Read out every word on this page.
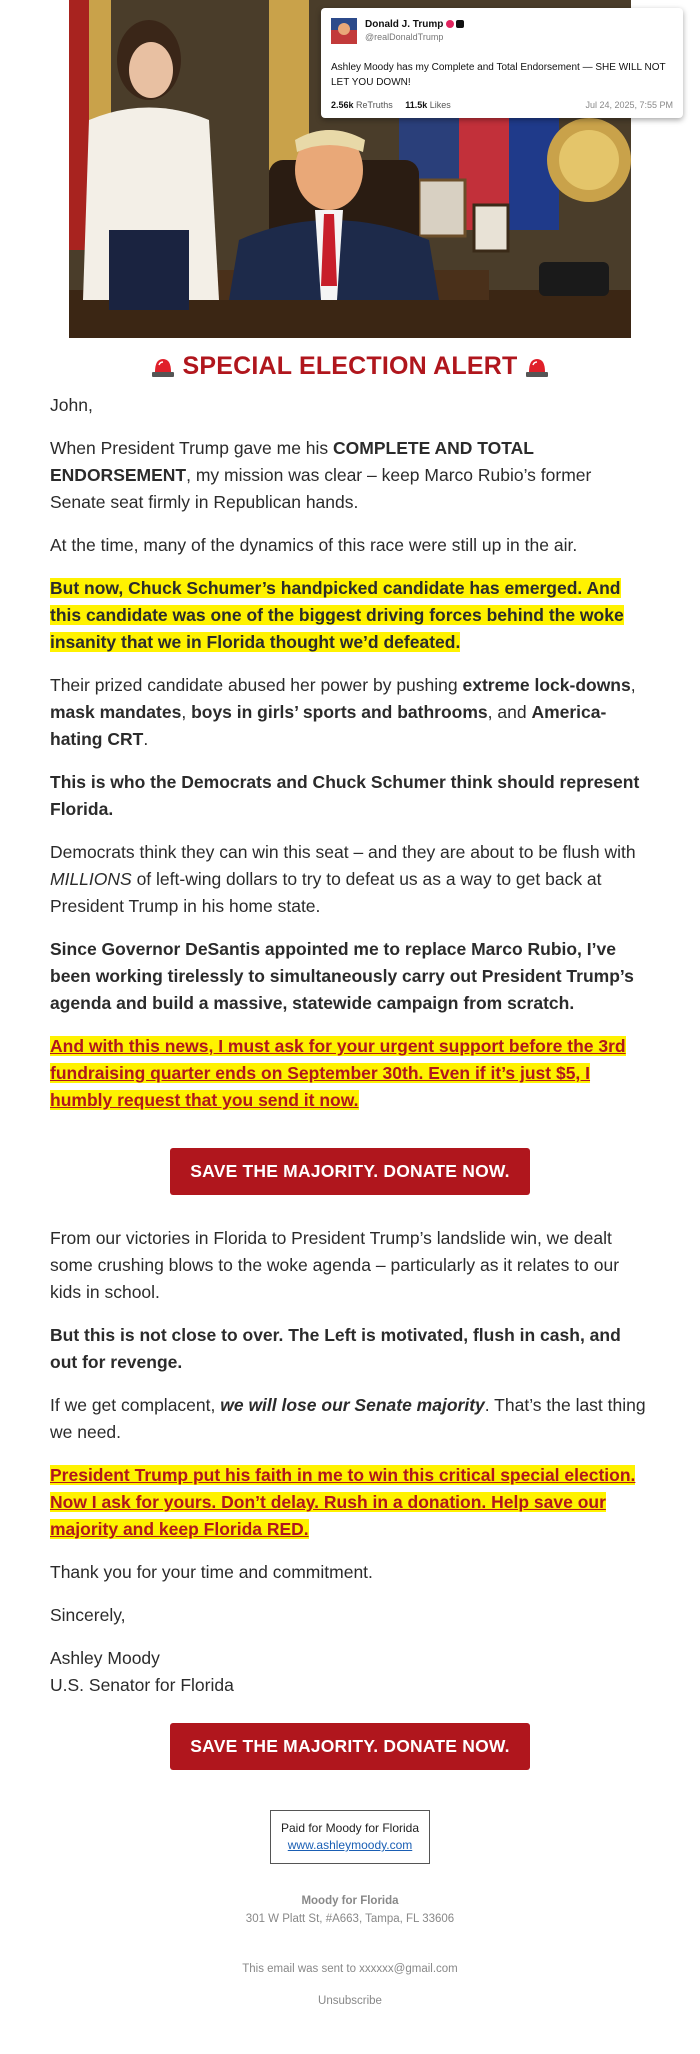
Donald J. Trump
@realDonaldTrump
Ashley Moody has my Complete and Total Endorsement — SHE WILL NOT LET YOU DOWN!
2.56k ReTruths 11.5k Likes	Jul 24, 2025, 7:55 PM
SPECIAL ELECTION ALERT

John,

When President Trump gave me his COMPLETE AND TOTAL ENDORSEMENT, my mission was clear – keep Marco Rubio’s former Senate seat firmly in Republican hands.

At the time, many of the dynamics of this race were still up in the air.

But now, Chuck Schumer’s handpicked candidate has emerged. And this candidate was one of the biggest driving forces behind the woke insanity that we in Florida thought we’d defeated.

Their prized candidate abused her power by pushing extreme lock-downs, mask mandates, boys in girls’ sports and bathrooms, and America-hating CRT.

This is who the Democrats and Chuck Schumer think should represent Florida.

Democrats think they can win this seat – and they are about to be flush with MILLIONS of left-wing dollars to try to defeat us as a way to get back at President Trump in his home state.

Since Governor DeSantis appointed me to replace Marco Rubio, I’ve been working tirelessly to simultaneously carry out President Trump’s agenda and build a massive, statewide campaign from scratch.

And with this news, I must ask for your urgent support before the 3rd fundraising quarter ends on September 30th. Even if it’s just $5, I humbly request that you send it now.

SAVE THE MAJORITY. DONATE NOW.

From our victories in Florida to President Trump’s landslide win, we dealt some crushing blows to the woke agenda – particularly as it relates to our kids in school.

But this is not close to over. The Left is motivated, flush in cash, and out for revenge.

If we get complacent, we will lose our Senate majority. That’s the last thing we need.

President Trump put his faith in me to win this critical special election. Now I ask for yours. Don’t delay. Rush in a donation. Help save our majority and keep Florida RED.

Thank you for your time and commitment.

Sincerely,

Ashley Moody
U.S. Senator for Florida

SAVE THE MAJORITY. DONATE NOW.
Paid for Moody for Florida
www.ashleymoody.com
Moody for Florida
301 W Platt St, #A663, Tampa, FL 33606
This email was sent to xxxxxx@gmail.com
Unsubscribe
